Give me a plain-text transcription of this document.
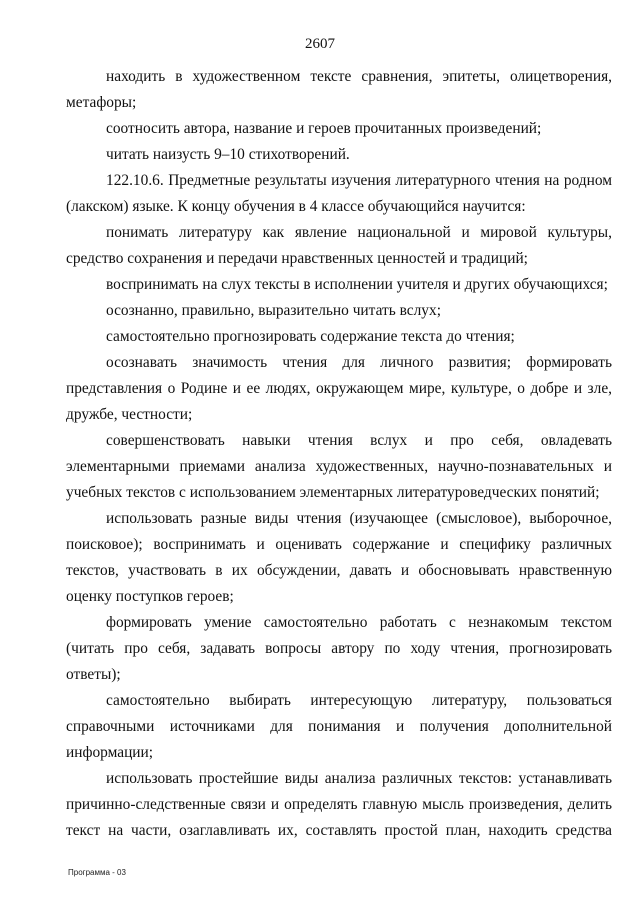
2607

находить в художественном тексте сравнения, эпитеты, олицетворения, метафоры;

соотносить автора, название и героев прочитанных произведений;

читать наизусть 9–10 стихотворений.

122.10.6. Предметные результаты изучения литературного чтения на родном (лакском) языке. К концу обучения в 4 классе обучающийся научится:

понимать литературу как явление национальной и мировой культуры, средство сохранения и передачи нравственных ценностей и традиций;

воспринимать на слух тексты в исполнении учителя и других обучающихся;

осознанно, правильно, выразительно читать вслух;

самостоятельно прогнозировать содержание текста до чтения;

осознавать значимость чтения для личного развития; формировать представления о Родине и ее людях, окружающем мире, культуре, о добре и зле, дружбе, честности;

совершенствовать навыки чтения вслух и про себя, овладевать элементарными приемами анализа художественных, научно-познавательных и учебных текстов с использованием элементарных литературоведческих понятий;

использовать разные виды чтения (изучающее (смысловое), выборочное, поисковое); воспринимать и оценивать содержание и специфику различных текстов, участвовать в их обсуждении, давать и обосновывать нравственную оценку поступков героев;

формировать умение самостоятельно работать с незнакомым текстом (читать про себя, задавать вопросы автору по ходу чтения, прогнозировать ответы);

самостоятельно выбирать интересующую литературу, пользоваться справочными источниками для понимания и получения дополнительной информации;

использовать простейшие виды анализа различных текстов: устанавливать причинно-следственные связи и определять главную мысль произведения, делить текст на части, озаглавливать их, составлять простой план, находить средства

Программа - 03
